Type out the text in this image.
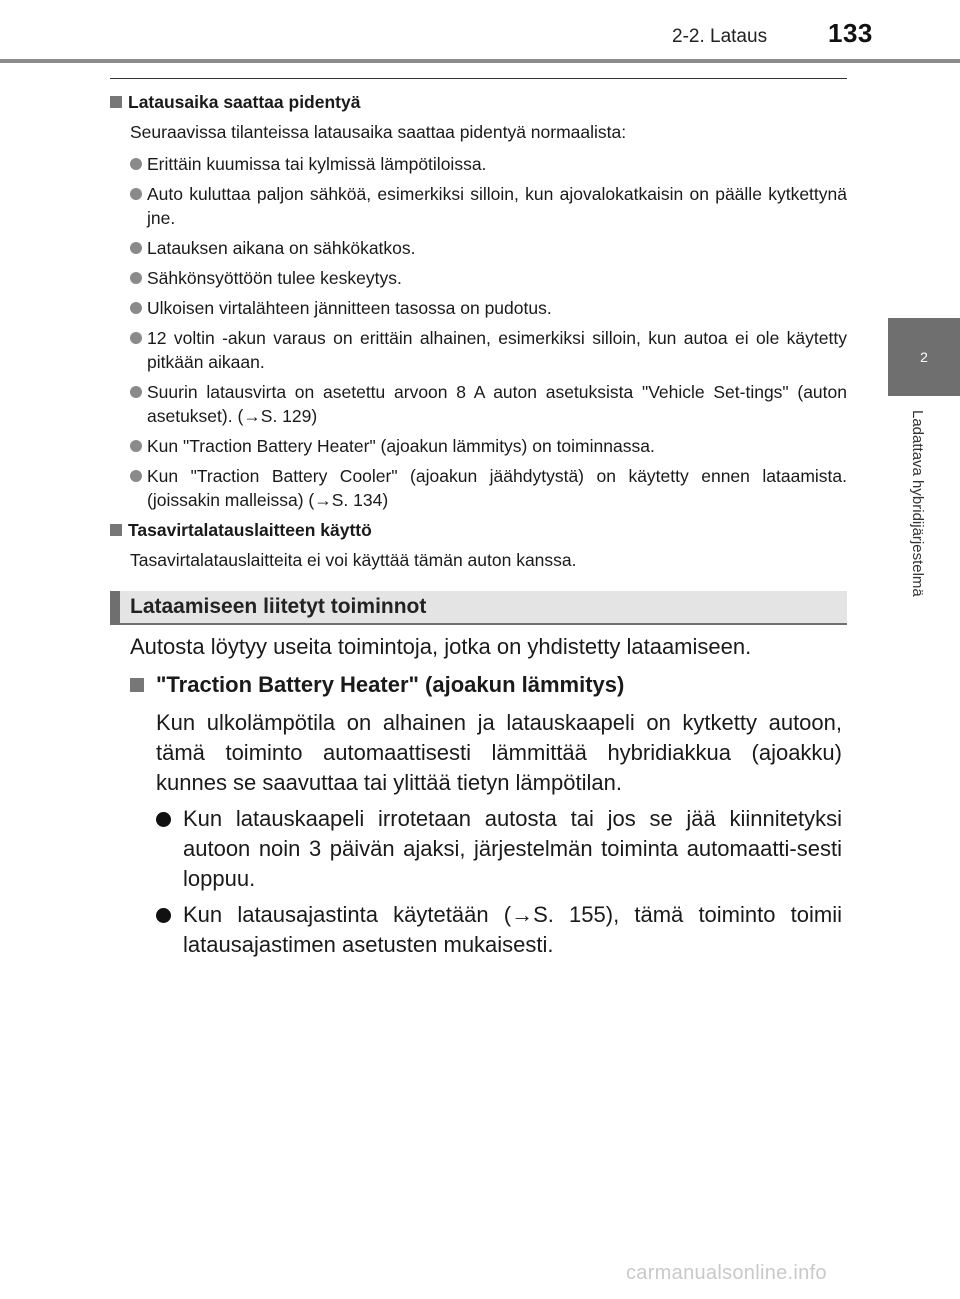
2-2. Lataus 133
2
Ladattava hybridijärjestelmä
Latausaika saattaa pidentyä
Seuraavissa tilanteissa latausaika saattaa pidentyä normaalista:
Erittäin kuumissa tai kylmissä lämpötiloissa.
Auto kuluttaa paljon sähköä, esimerkiksi silloin, kun ajovalokatkaisin on päälle kytkettynä jne.
Latauksen aikana on sähkökatkos.
Sähkönsyöttöön tulee keskeytys.
Ulkoisen virtalähteen jännitteen tasossa on pudotus.
12 voltin -akun varaus on erittäin alhainen, esimerkiksi silloin, kun autoa ei ole käytetty pitkään aikaan.
Suurin latausvirta on asetettu arvoon 8 A auton asetuksista "Vehicle Set-tings" (auton asetukset). (→S. 129)
Kun "Traction Battery Heater" (ajoakun lämmitys) on toiminnassa.
Kun "Traction Battery Cooler" (ajoakun jäähdytystä) on käytetty ennen lataamista. (joissakin malleissa) (→S. 134)
Tasavirtalatauslaitteen käyttö
Tasavirtalatauslaitteita ei voi käyttää tämän auton kanssa.
Lataamiseen liitetyt toiminnot
Autosta löytyy useita toimintoja, jotka on yhdistetty lataamiseen.
"Traction Battery Heater" (ajoakun lämmitys)
Kun ulkolämpötila on alhainen ja latauskaapeli on kytketty autoon, tämä toiminto automaattisesti lämmittää hybridiakkua (ajoakku) kunnes se saavuttaa tai ylittää tietyn lämpötilan.
Kun latauskaapeli irrotetaan autosta tai jos se jää kiinnitetyksi autoon noin 3 päivän ajaksi, järjestelmän toiminta automaatti-sesti loppuu.
Kun latausajastinta käytetään (→S. 155), tämä toiminto toimii latausajastimen asetusten mukaisesti.
carmanualsonline.info
